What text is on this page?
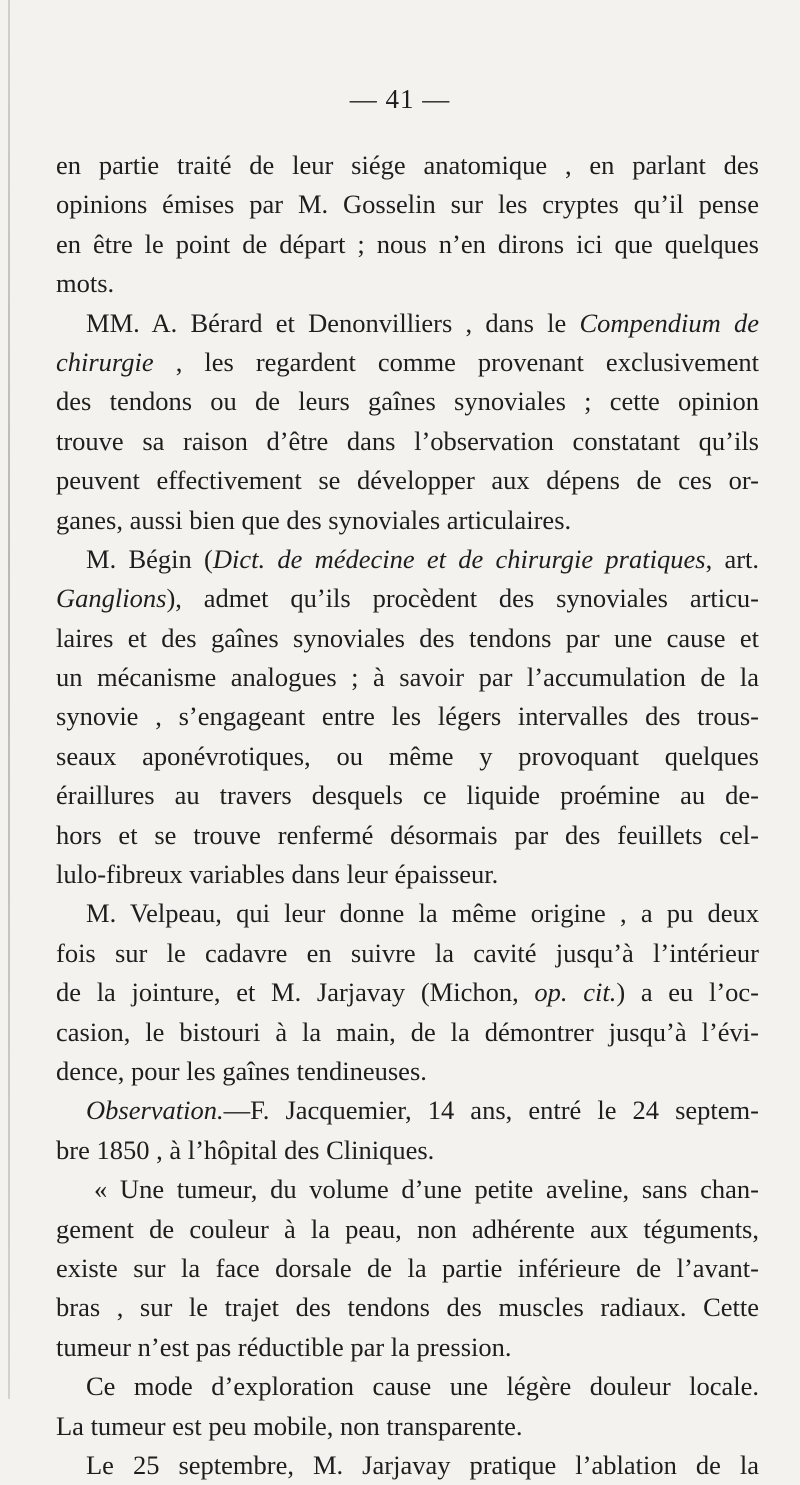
— 41 —
en partie traité de leur siége anatomique , en parlant des
opinions émises par M. Gosselin sur les cryptes qu’il pense
en être le point de départ ; nous n’en dirons ici que quelques
mots.
MM. A. Bérard et Denonvilliers , dans le Compendium de
chirurgie , les regardent comme provenant exclusivement
des tendons ou de leurs gaînes synoviales ; cette opinion
trouve sa raison d’être dans l’observation constatant qu’ils
peuvent effectivement se développer aux dépens de ces or-
ganes, aussi bien que des synoviales articulaires.
M. Bégin (Dict. de médecine et de chirurgie pratiques, art.
Ganglions), admet qu’ils procèdent des synoviales articu-
laires et des gaînes synoviales des tendons par une cause et
un mécanisme analogues ; à savoir par l’accumulation de la
synovie , s’engageant entre les légers intervalles des trous-
seaux aponévrotiques, ou même y provoquant quelques
éraillures au travers desquels ce liquide proémine au de-
hors et se trouve renfermé désormais par des feuillets cel-
lulo-fibreux variables dans leur épaisseur.
M. Velpeau, qui leur donne la même origine , a pu deux
fois sur le cadavre en suivre la cavité jusqu’à l’intérieur
de la jointure, et M. Jarjavay (Michon, op. cit.) a eu l’oc-
casion, le bistouri à la main, de la démontrer jusqu’à l’évi-
dence, pour les gaînes tendineuses.
Observation.—F. Jacquemier, 14 ans, entré le 24 septem-
bre 1850 , à l’hôpital des Cliniques.
« Une tumeur, du volume d’une petite aveline, sans chan-
gement de couleur à la peau, non adhérente aux téguments,
existe sur la face dorsale de la partie inférieure de l’avant-
bras , sur le trajet des tendons des muscles radiaux. Cette
tumeur n’est pas réductible par la pression.
Ce mode d’exploration cause une légère douleur locale.
La tumeur est peu mobile, non transparente.
Le 25 septembre, M. Jarjavay pratique l’ablation de la
